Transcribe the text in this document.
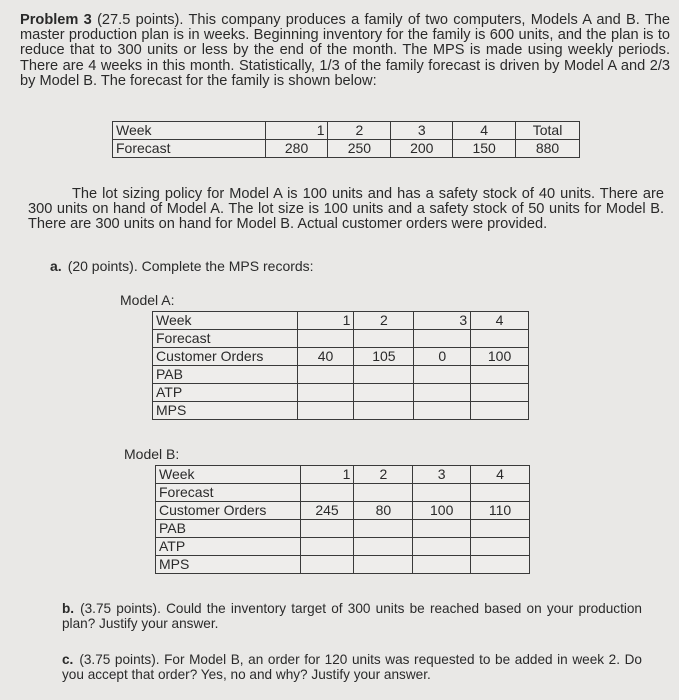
Problem 3 (27.5 points). This company produces a family of two computers, Models A and B. The master production plan is in weeks. Beginning inventory for the family is 600 units, and the plan is to reduce that to 300 units or less by the end of the month. The MPS is made using weekly periods. There are 4 weeks in this month. Statistically, 1/3 of the family forecast is driven by Model A and 2/3 by Model B. The forecast for the family is shown below:

Week	1	2	3	4	Total
Forecast	280	250	200	150	880

The lot sizing policy for Model A is 100 units and has a safety stock of 40 units. There are 300 units on hand of Model A. The lot size is 100 units and a safety stock of 50 units for Model B. There are 300 units on hand for Model B. Actual customer orders were provided.

a. (20 points). Complete the MPS records:
Model A:
Week	1	2	3	4
Forecast				
Customer Orders	40	105	0	100
PAB				
ATP				
MPS				
Model B:
Week	1	2	3	4
Forecast				
Customer Orders	245	80	100	110
PAB				
ATP				
MPS				
b. (3.75 points). Could the inventory target of 300 units be reached based on your production plan? Justify your answer.
c. (3.75 points). For Model B, an order for 120 units was requested to be added in week 2. Do you accept that order? Yes, no and why? Justify your answer.
